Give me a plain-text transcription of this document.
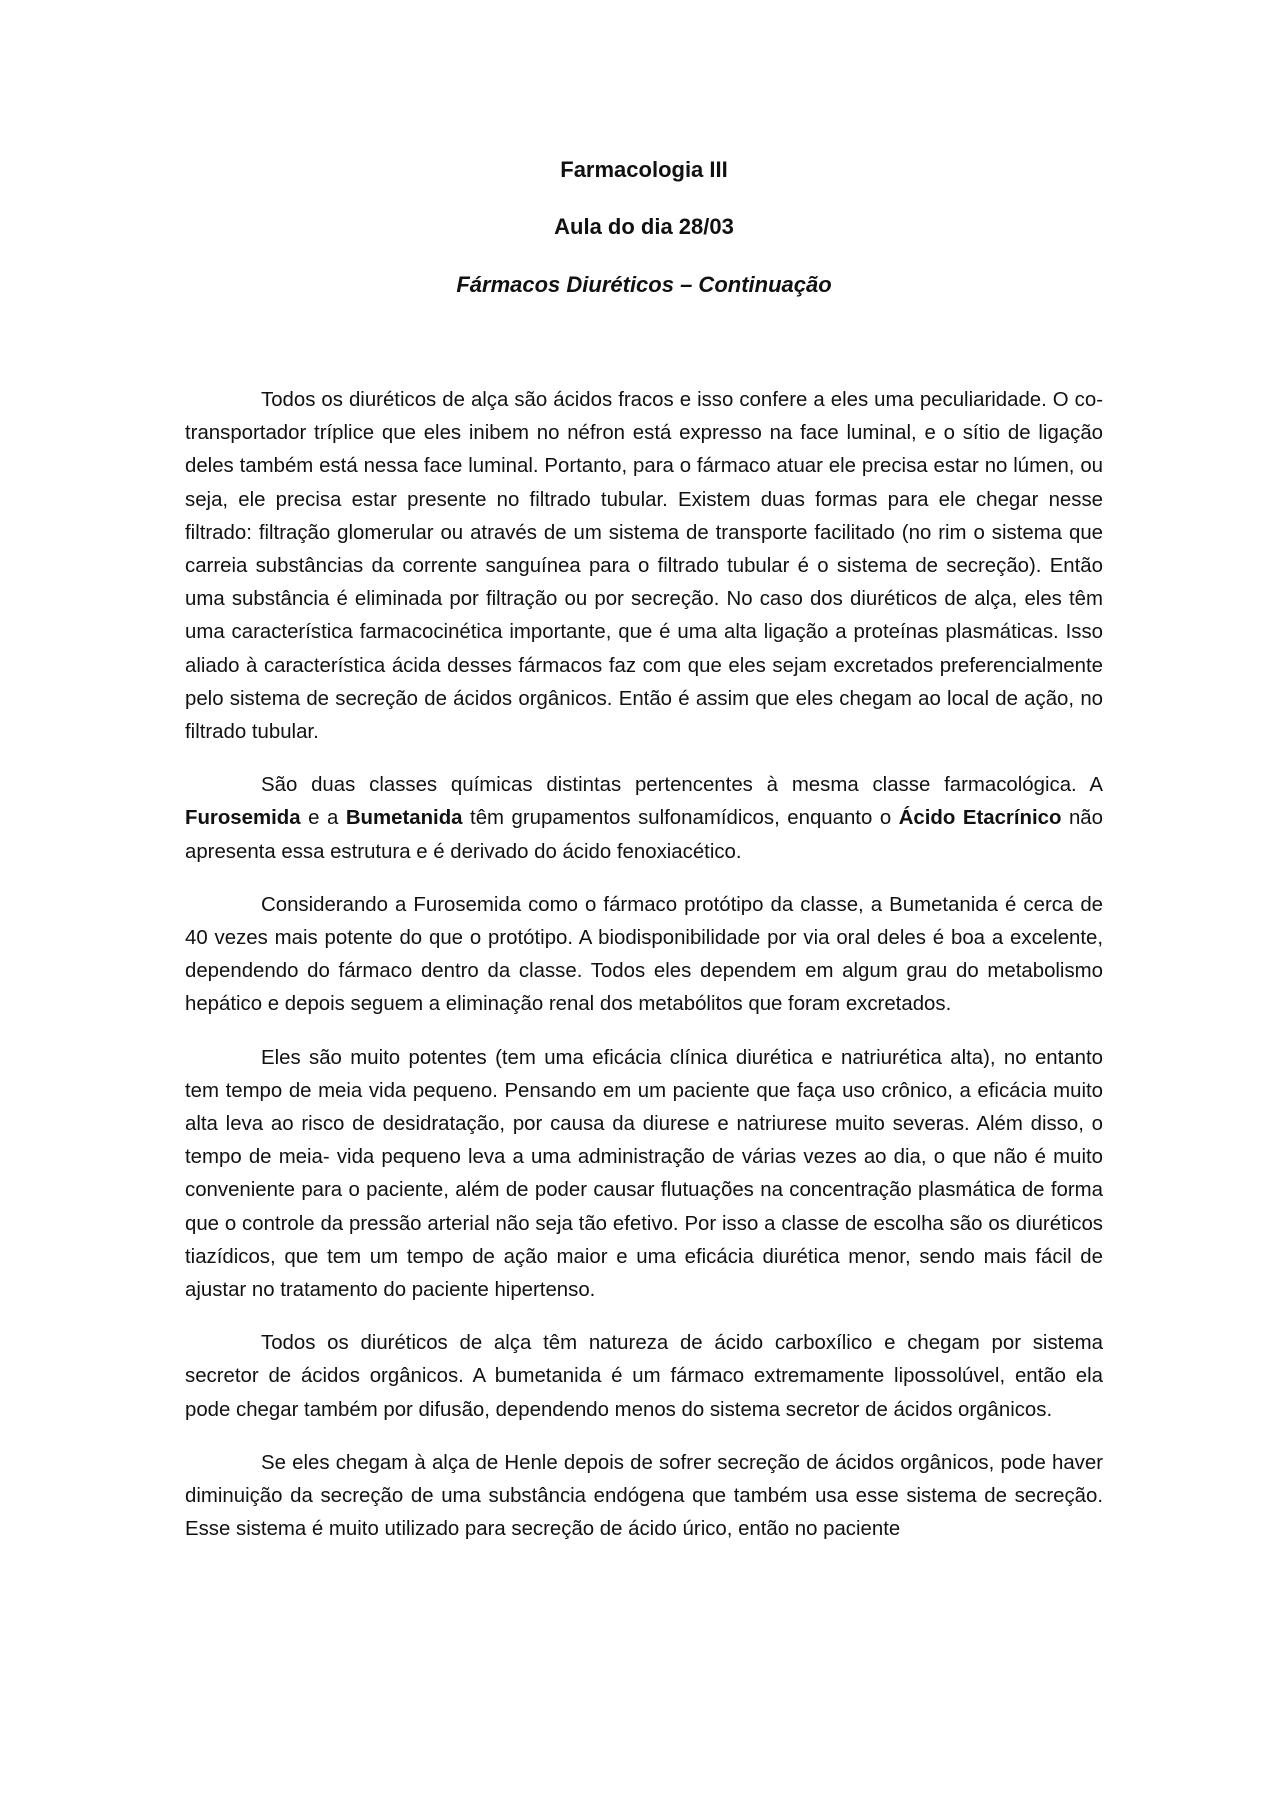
Farmacologia III
Aula do dia 28/03
Fármacos Diuréticos – Continuação

Todos os diuréticos de alça são ácidos fracos e isso confere a eles uma peculiaridade. O co-transportador tríplice que eles inibem no néfron está expresso na face luminal, e o sítio de ligação deles também está nessa face luminal. Portanto, para o fármaco atuar ele precisa estar no lúmen, ou seja, ele precisa estar presente no filtrado tubular. Existem duas formas para ele chegar nesse filtrado: filtração glomerular ou através de um sistema de transporte facilitado (no rim o sistema que carreia substâncias da corrente sanguínea para o filtrado tubular é o sistema de secreção). Então uma substância é eliminada por filtração ou por secreção. No caso dos diuréticos de alça, eles têm uma característica farmacocinética importante, que é uma alta ligação a proteínas plasmáticas. Isso aliado à característica ácida desses fármacos faz com que eles sejam excretados preferencialmente pelo sistema de secreção de ácidos orgânicos. Então é assim que eles chegam ao local de ação, no filtrado tubular.

São duas classes químicas distintas pertencentes à mesma classe farmacológica. A Furosemida e a Bumetanida têm grupamentos sulfonamídicos, enquanto o Ácido Etacrínico não apresenta essa estrutura e é derivado do ácido fenoxiacético.

Considerando a Furosemida como o fármaco protótipo da classe, a Bumetanida é cerca de 40 vezes mais potente do que o protótipo. A biodisponibilidade por via oral deles é boa a excelente, dependendo do fármaco dentro da classe. Todos eles dependem em algum grau do metabolismo hepático e depois seguem a eliminação renal dos metabólitos que foram excretados.

Eles são muito potentes (tem uma eficácia clínica diurética e natriurética alta), no entanto tem tempo de meia vida pequeno. Pensando em um paciente que faça uso crônico, a eficácia muito alta leva ao risco de desidratação, por causa da diurese e natriurese muito severas. Além disso, o tempo de meia- vida pequeno leva a uma administração de várias vezes ao dia, o que não é muito conveniente para o paciente, além de poder causar flutuações na concentração plasmática de forma que o controle da pressão arterial não seja tão efetivo. Por isso a classe de escolha são os diuréticos tiazídicos, que tem um tempo de ação maior e uma eficácia diurética menor, sendo mais fácil de ajustar no tratamento do paciente hipertenso.

Todos os diuréticos de alça têm natureza de ácido carboxílico e chegam por sistema secretor de ácidos orgânicos. A bumetanida é um fármaco extremamente lipossolúvel, então ela pode chegar também por difusão, dependendo menos do sistema secretor de ácidos orgânicos.

Se eles chegam à alça de Henle depois de sofrer secreção de ácidos orgânicos, pode haver diminuição da secreção de uma substância endógena que também usa esse sistema de secreção. Esse sistema é muito utilizado para secreção de ácido úrico, então no paciente
